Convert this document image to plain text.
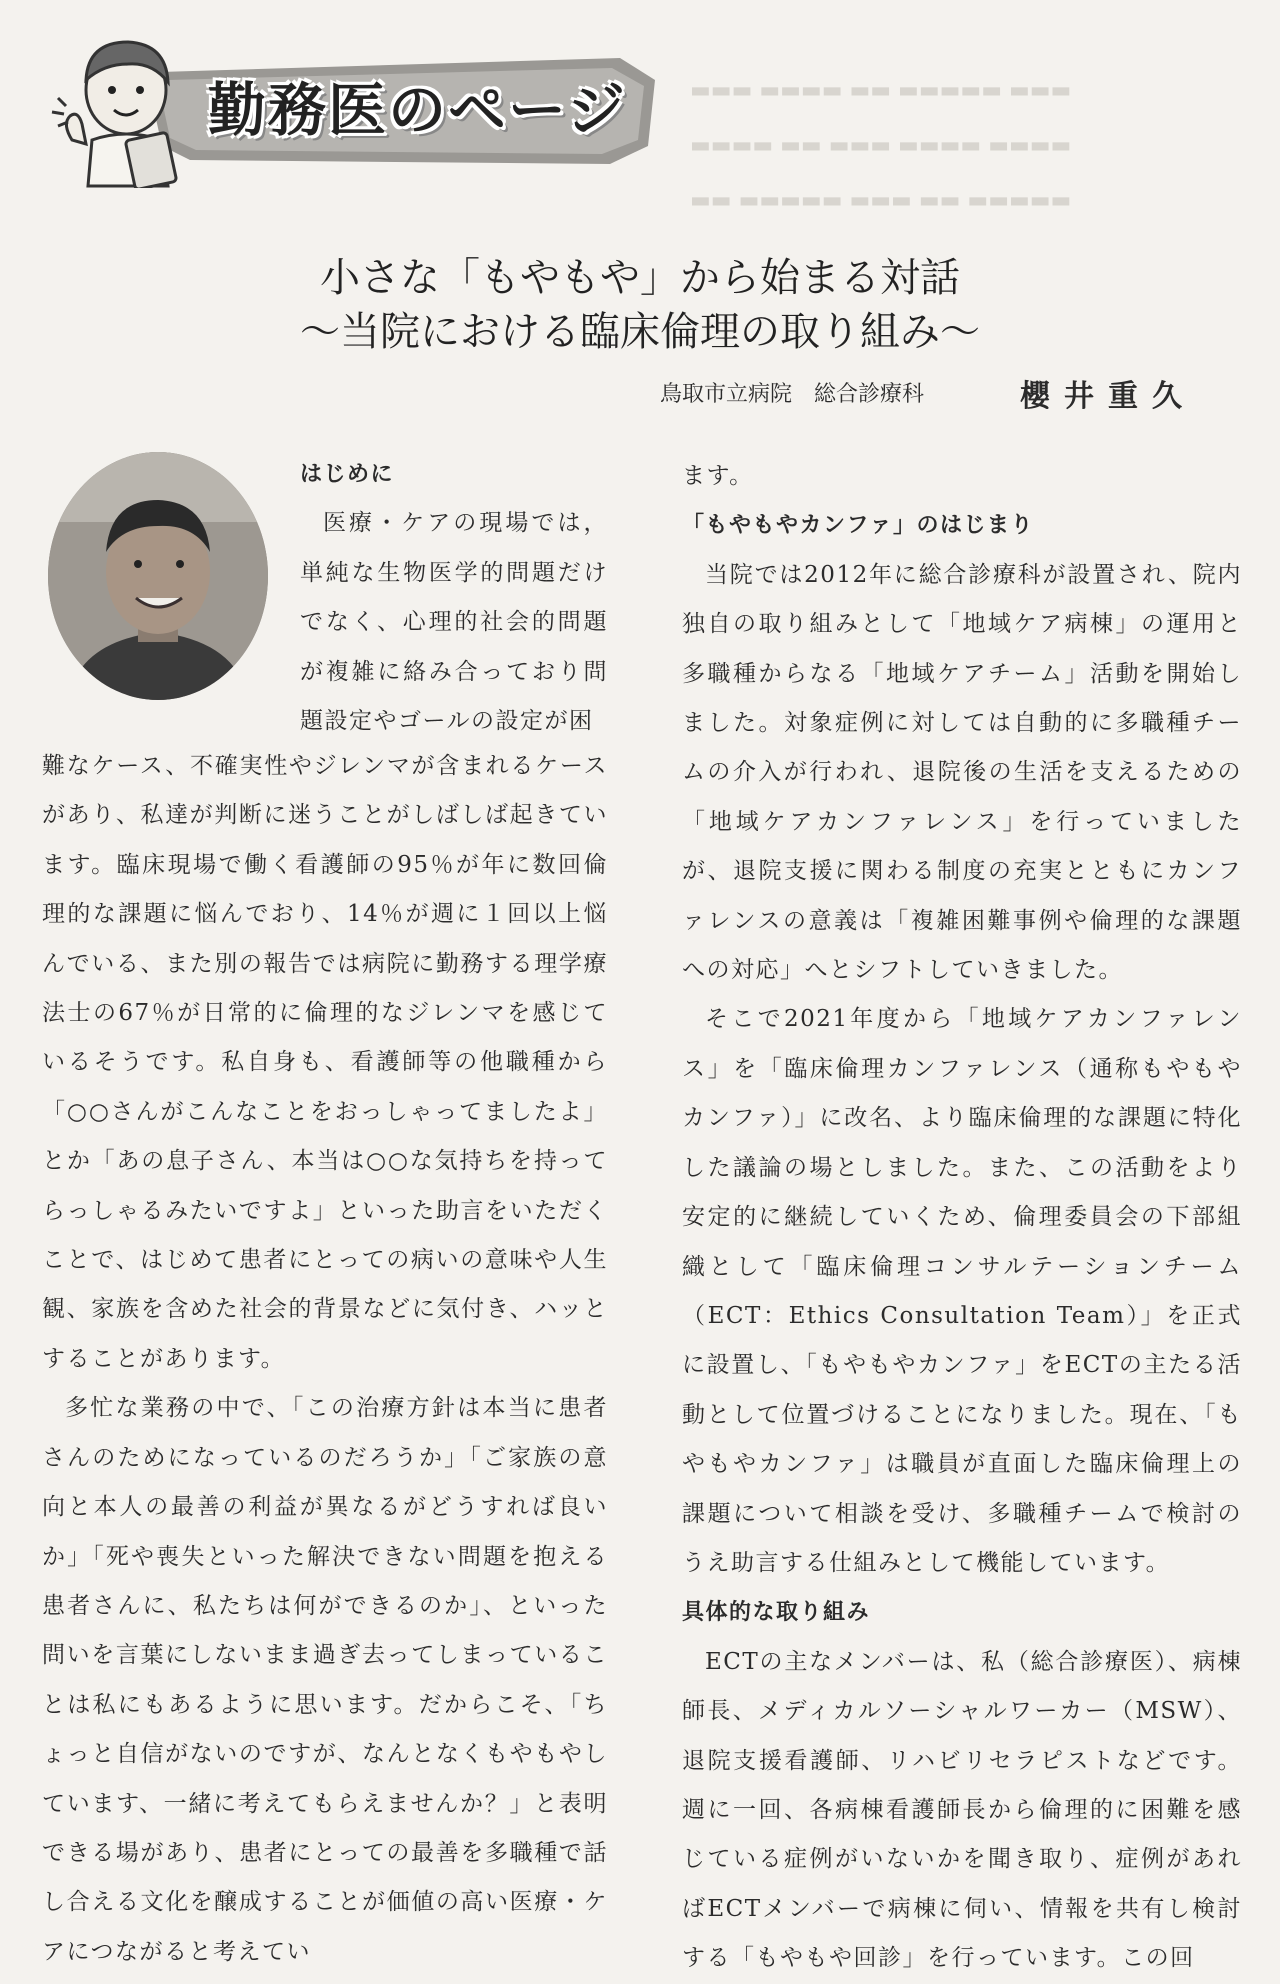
勤務医のページ	▬▬▬ ▬▬▬▬ ▬▬ ▬▬▬▬▬ ▬▬▬
▬▬▬▬ ▬▬ ▬▬▬ ▬▬▬▬ ▬▬▬▬
▬▬ ▬▬▬▬▬ ▬▬▬ ▬▬ ▬▬▬▬▬
小さな「もやもや」から始まる対話
～当院における臨床倫理の取り組み～
鳥取市立病院　総合診療科	櫻井重久
はじめに

医療・ケアの現場では，単純な生物医学的問題だけでなく、心理的社会的問題が複雑に絡み合っており問題設定やゴールの設定が困

難なケース、不確実性やジレンマが含まれるケースがあり、私達が判断に迷うことがしばしば起きています。臨床現場で働く看護師の95％が年に数回倫理的な課題に悩んでおり、14％が週に１回以上悩んでいる、また別の報告では病院に勤務する理学療法士の67％が日常的に倫理的なジレンマを感じているそうです。私自身も、看護師等の他職種から「○○さんがこんなことをおっしゃってましたよ」とか「あの息子さん、本当は○○な気持ちを持ってらっしゃるみたいですよ」といった助言をいただくことで、はじめて患者にとっての病いの意味や人生観、家族を含めた社会的背景などに気付き、ハッとすることがあります。

多忙な業務の中で、「この治療方針は本当に患者さんのためになっているのだろうか」「ご家族の意向と本人の最善の利益が異なるがどうすれば良いか」「死や喪失といった解決できない問題を抱える患者さんに、私たちは何ができるのか」、といった問いを言葉にしないまま過ぎ去ってしまっていることは私にもあるように思います。だからこそ、「ちょっと自信がないのですが、なんとなくもやもやしています、一緒に考えてもらえませんか？」と表明できる場があり、患者にとっての最善を多職種で話し合える文化を醸成することが価値の高い医療・ケアにつながると考えてい

ます。

「もやもやカンファ」のはじまり

当院では2012年に総合診療科が設置され、院内独自の取り組みとして「地域ケア病棟」の運用と多職種からなる「地域ケアチーム」活動を開始しました。対象症例に対しては自動的に多職種チームの介入が行われ、退院後の生活を支えるための「地域ケアカンファレンス」を行っていましたが、退院支援に関わる制度の充実とともにカンファレンスの意義は「複雑困難事例や倫理的な課題への対応」へとシフトしていきました。

そこで2021年度から「地域ケアカンファレンス」を「臨床倫理カンファレンス（通称もやもやカンファ）」に改名、より臨床倫理的な課題に特化した議論の場としました。また、この活動をより安定的に継続していくため、倫理委員会の下部組織として「臨床倫理コンサルテーションチーム（ECT：Ethics Consultation Team）」を正式に設置し、「もやもやカンファ」をECTの主たる活動として位置づけることになりました。現在、「もやもやカンファ」は職員が直面した臨床倫理上の課題について相談を受け、多職種チームで検討のうえ助言する仕組みとして機能しています。

具体的な取り組み

ECTの主なメンバーは、私（総合診療医）、病棟師長、メディカルソーシャルワーカー（MSW）、退院支援看護師、リハビリセラピストなどです。週に一回、各病棟看護師長から倫理的に困難を感じている症例がいないかを聞き取り、症例があればECTメンバーで病棟に伺い、情報を共有し検討する「もやもや回診」を行っています。この回
